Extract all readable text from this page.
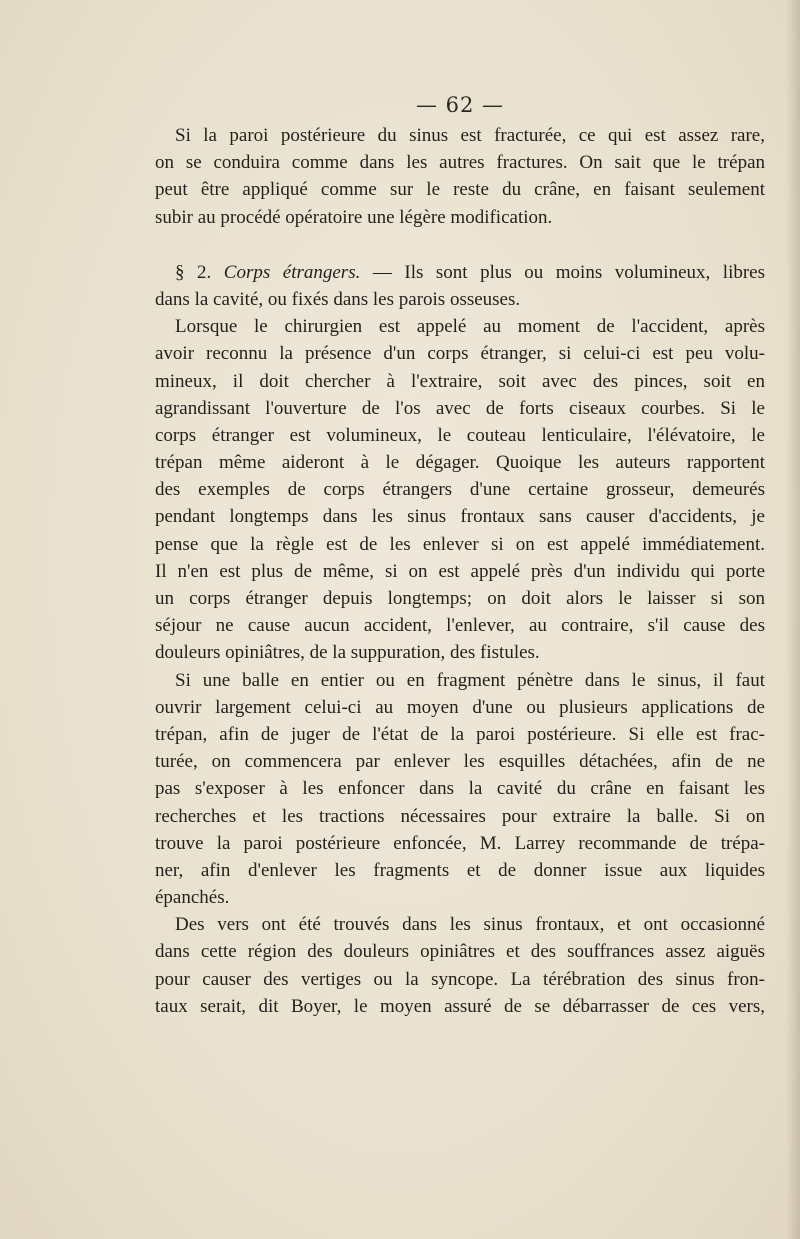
— 62 —
Si la paroi postérieure du sinus est fracturée, ce qui est assez rare,
on se conduira comme dans les autres fractures. On sait que le trépan
peut être appliqué comme sur le reste du crâne, en faisant seulement
subir au procédé opératoire une légère modification.
§ 2. Corps étrangers. — Ils sont plus ou moins volumineux, libres
dans la cavité, ou fixés dans les parois osseuses.
Lorsque le chirurgien est appelé au moment de l'accident, après
avoir reconnu la présence d'un corps étranger, si celui-ci est peu volu-
mineux, il doit chercher à l'extraire, soit avec des pinces, soit en
agrandissant l'ouverture de l'os avec de forts ciseaux courbes. Si le
corps étranger est volumineux, le couteau lenticulaire, l'élévatoire, le
trépan même aideront à le dégager. Quoique les auteurs rapportent
des exemples de corps étrangers d'une certaine grosseur, demeurés
pendant longtemps dans les sinus frontaux sans causer d'accidents, je
pense que la règle est de les enlever si on est appelé immédiatement.
Il n'en est plus de même, si on est appelé près d'un individu qui porte
un corps étranger depuis longtemps; on doit alors le laisser si son
séjour ne cause aucun accident, l'enlever, au contraire, s'il cause des
douleurs opiniâtres, de la suppuration, des fistules.
Si une balle en entier ou en fragment pénètre dans le sinus, il faut
ouvrir largement celui-ci au moyen d'une ou plusieurs applications de
trépan, afin de juger de l'état de la paroi postérieure. Si elle est frac-
turée, on commencera par enlever les esquilles détachées, afin de ne
pas s'exposer à les enfoncer dans la cavité du crâne en faisant les
recherches et les tractions nécessaires pour extraire la balle. Si on
trouve la paroi postérieure enfoncée, M. Larrey recommande de trépa-
ner, afin d'enlever les fragments et de donner issue aux liquides
épanchés.
Des vers ont été trouvés dans les sinus frontaux, et ont occasionné
dans cette région des douleurs opiniâtres et des souffrances assez aiguës
pour causer des vertiges ou la syncope. La térébration des sinus fron-
taux serait, dit Boyer, le moyen assuré de se débarrasser de ces vers,
